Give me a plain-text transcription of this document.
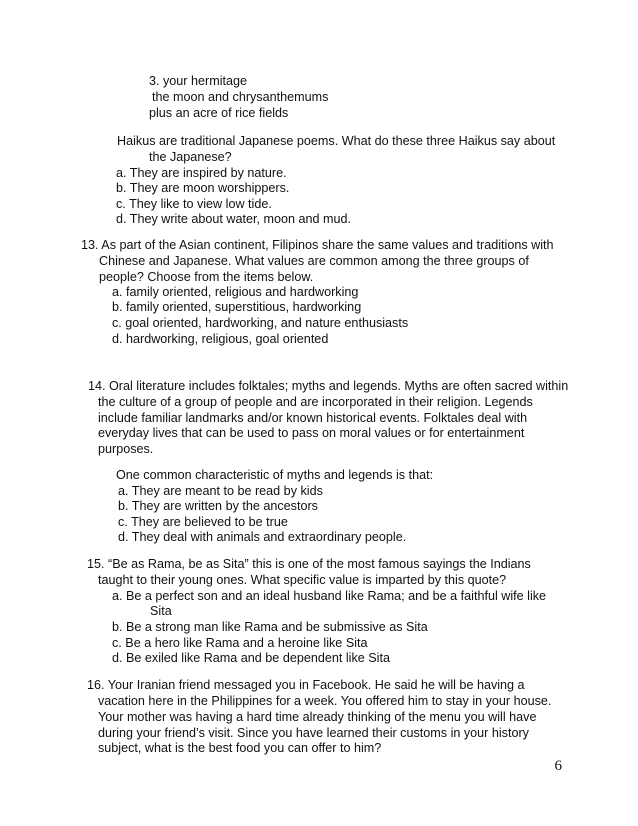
3. your hermitage

the moon and chrysanthemums

plus an acre of rice fields

Haikus are traditional Japanese poems. What do these three Haikus say about

the Japanese?

a. They are inspired by nature.

b. They are moon worshippers.

c. They like to view low tide.

d. They write about water, moon and mud.

13. As part of the Asian continent, Filipinos share the same values and traditions with

Chinese and Japanese. What values are common among the three groups of

people? Choose from the items below.

a. family oriented, religious and hardworking

b. family oriented, superstitious, hardworking

c. goal oriented, hardworking, and nature enthusiasts

d. hardworking, religious, goal oriented

14. Oral literature includes folktales; myths and legends. Myths are often sacred within

the culture of a group of people and are incorporated in their religion. Legends

include familiar landmarks and/or known historical events. Folktales deal with

everyday lives that can be used to pass on moral values or for entertainment

purposes.

One common characteristic of myths and legends is that:

a. They are meant to be read by kids

b. They are written by the ancestors

c. They are believed to be true

d. They deal with animals and extraordinary people.

15. “Be as Rama, be as Sita” this is one of the most famous sayings the Indians

taught to their young ones. What specific value is imparted by this quote?

a. Be a perfect son and an ideal husband like Rama; and be a faithful wife like

Sita

b. Be a strong man like Rama and be submissive as Sita

c. Be a hero like Rama and a heroine like Sita

d. Be exiled like Rama and be dependent like Sita

16. Your Iranian friend messaged you in Facebook. He said he will be having a

vacation here in the Philippines for a week. You offered him to stay in your house.

Your mother was having a hard time already thinking of the menu you will have

during your friend’s visit. Since you have learned their customs in your history

subject, what is the best food you can offer to him?

6
